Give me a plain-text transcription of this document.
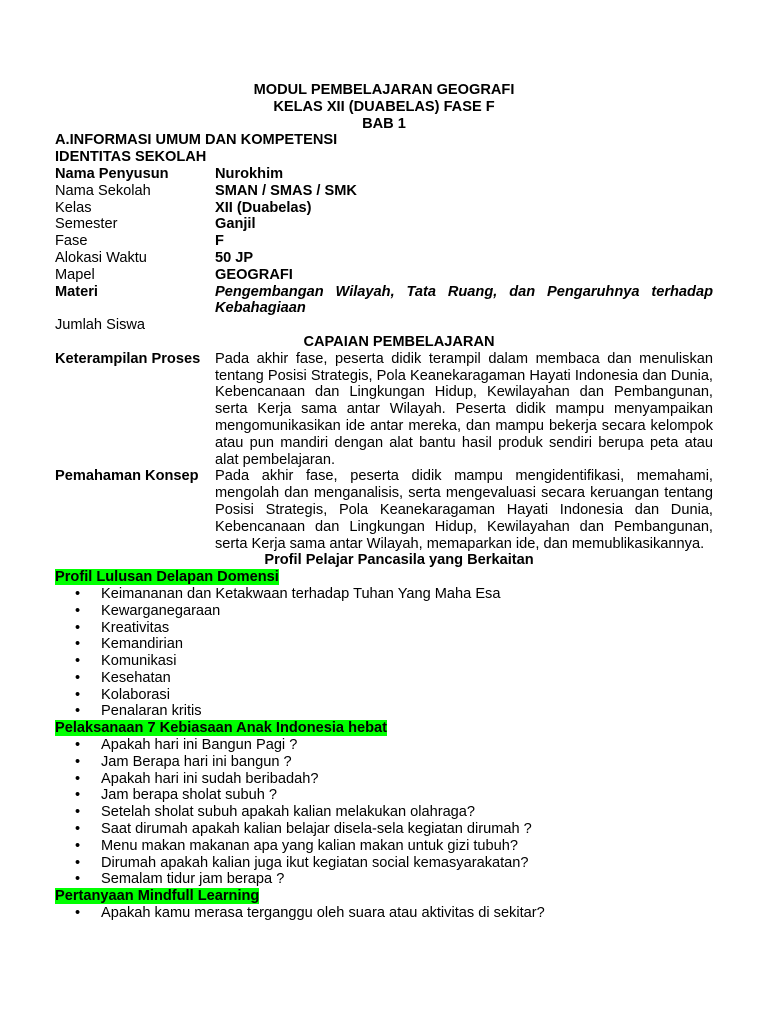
MODUL PEMBELAJARAN GEOGRAFI
KELAS XII (DUABELAS) FASE F
BAB 1
A.INFORMASI UMUM DAN KOMPETENSI
IDENTITAS SEKOLAH
Nama Penyusun	Nurokhim
Nama Sekolah	SMAN / SMAS / SMK
Kelas	XII (Duabelas)
Semester	Ganjil
Fase	F
Alokasi Waktu	50 JP
Mapel	GEOGRAFI
Materi	Pengembangan Wilayah, Tata Ruang, dan Pengaruhnya terhadap Kebahagiaan
Jumlah Siswa
CAPAIAN PEMBELAJARAN
Keterampilan Proses	Pada akhir fase, peserta didik terampil dalam membaca dan menuliskan tentang Posisi Strategis, Pola Keanekaragaman Hayati Indonesia dan Dunia, Kebencanaan dan Lingkungan Hidup, Kewilayahan dan Pembangunan, serta Kerja sama antar Wilayah. Peserta didik mampu menyampaikan mengomunikasikan ide antar mereka, dan mampu bekerja secara kelompok atau pun mandiri dengan alat bantu hasil produk sendiri berupa peta atau alat pembelajaran.
Pemahaman Konsep	Pada akhir fase, peserta didik mampu mengidentifikasi, memahami, mengolah dan menganalisis, serta mengevaluasi secara keruangan tentang Posisi Strategis, Pola Keanekaragaman Hayati Indonesia dan Dunia, Kebencanaan dan Lingkungan Hidup, Kewilayahan dan Pembangunan, serta Kerja sama antar Wilayah, memaparkan ide, dan memublikasikannya.
Profil Pelajar Pancasila yang Berkaitan
Profil Lulusan Delapan Domensi
• Keimananan dan Ketakwaan terhadap Tuhan Yang Maha Esa
• Kewarganegaraan
• Kreativitas
• Kemandirian
• Komunikasi
• Kesehatan
• Kolaborasi
• Penalaran kritis
Pelaksanaan 7 Kebiasaan Anak Indonesia hebat
• Apakah hari ini Bangun Pagi ?
• Jam Berapa hari ini bangun ?
• Apakah hari ini sudah beribadah?
• Jam berapa sholat subuh ?
• Setelah sholat subuh apakah kalian melakukan olahraga?
• Saat dirumah apakah kalian belajar disela-sela kegiatan dirumah ?
• Menu makan makanan apa yang kalian makan untuk gizi tubuh?
• Dirumah apakah kalian juga ikut kegiatan social kemasyarakatan?
• Semalam tidur jam berapa ?
Pertanyaan Mindfull Learning
• Apakah kamu merasa terganggu oleh suara atau aktivitas di sekitar?
